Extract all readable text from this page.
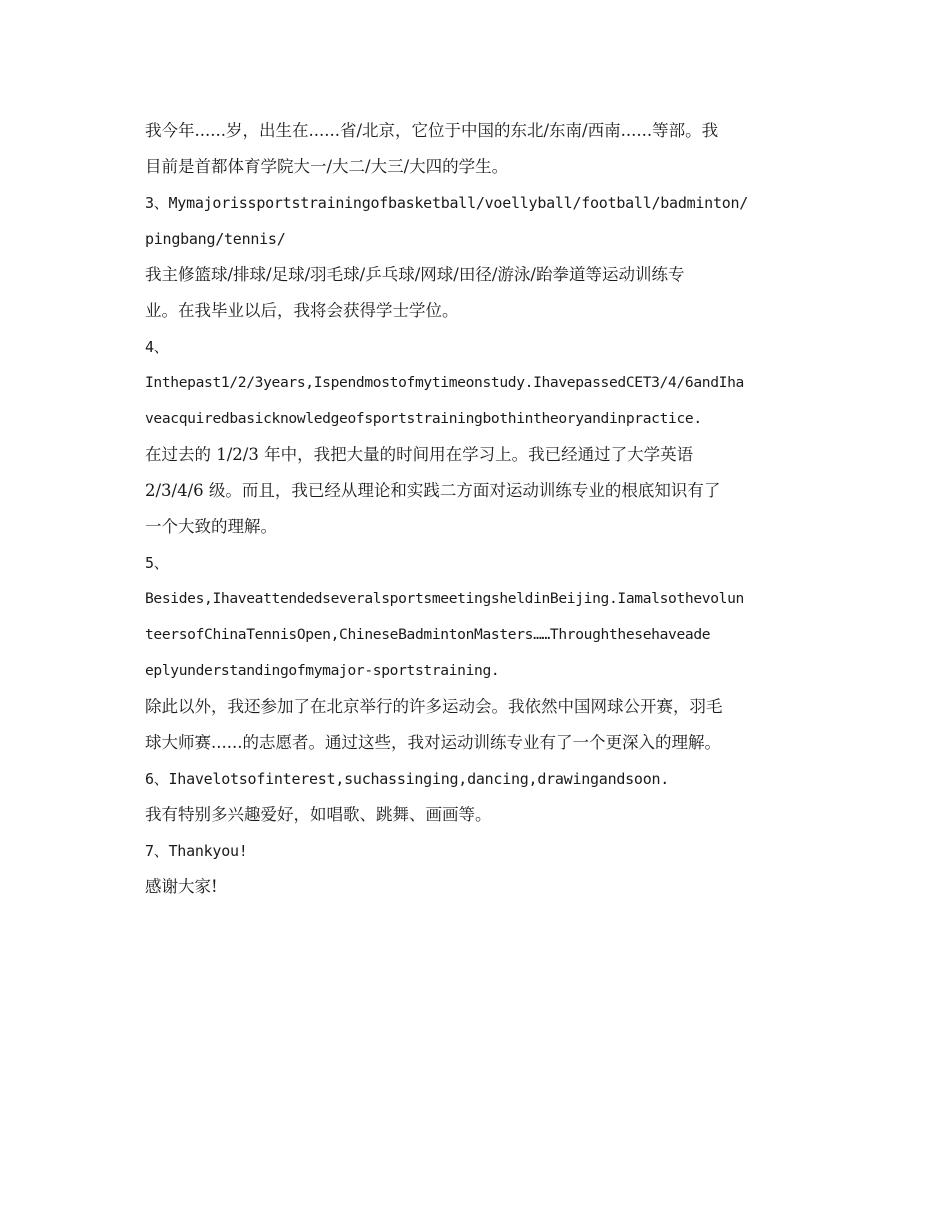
我今年......岁，出生在......省/北京，它位于中国的东北/东南/西南......等部。我
目前是首都体育学院大一/大二/大三/大四的学生。
3、Mymajorissportstrainingofbasketball/voellyball/football/badminton/
pingbang/tennis/
我主修篮球/排球/足球/羽毛球/乒乓球/网球/田径/游泳/跆拳道等运动训练专
业。在我毕业以后，我将会获得学士学位。
4、
Inthepast1/2/3years,Ispendmostofmytimeonstudy.IhavepassedCET3/4/6andIha
veacquiredbasicknowledgeofsportstrainingbothintheoryandinpractice.
在过去的 1/2/3 年中，我把大量的时间用在学习上。我已经通过了大学英语
2/3/4/6 级。而且，我已经从理论和实践二方面对运动训练专业的根底知识有了
一个大致的理解。
5、
Besides,IhaveattendedseveralsportsmeetingsheldinBeijing.Iamalsothevolun
teersofChinaTennisOpen,ChineseBadmintonMasters……Throughthesehaveade
eplyunderstandingofmymajor-sportstraining.
除此以外，我还参加了在北京举行的许多运动会。我依然中国网球公开赛，羽毛
球大师赛......的志愿者。通过这些，我对运动训练专业有了一个更深入的理解。
6、Ihavelotsofinterest,suchassinging,dancing,drawingandsoon.
我有特别多兴趣爱好，如唱歌、跳舞、画画等。
7、Thankyou!
感谢大家!
